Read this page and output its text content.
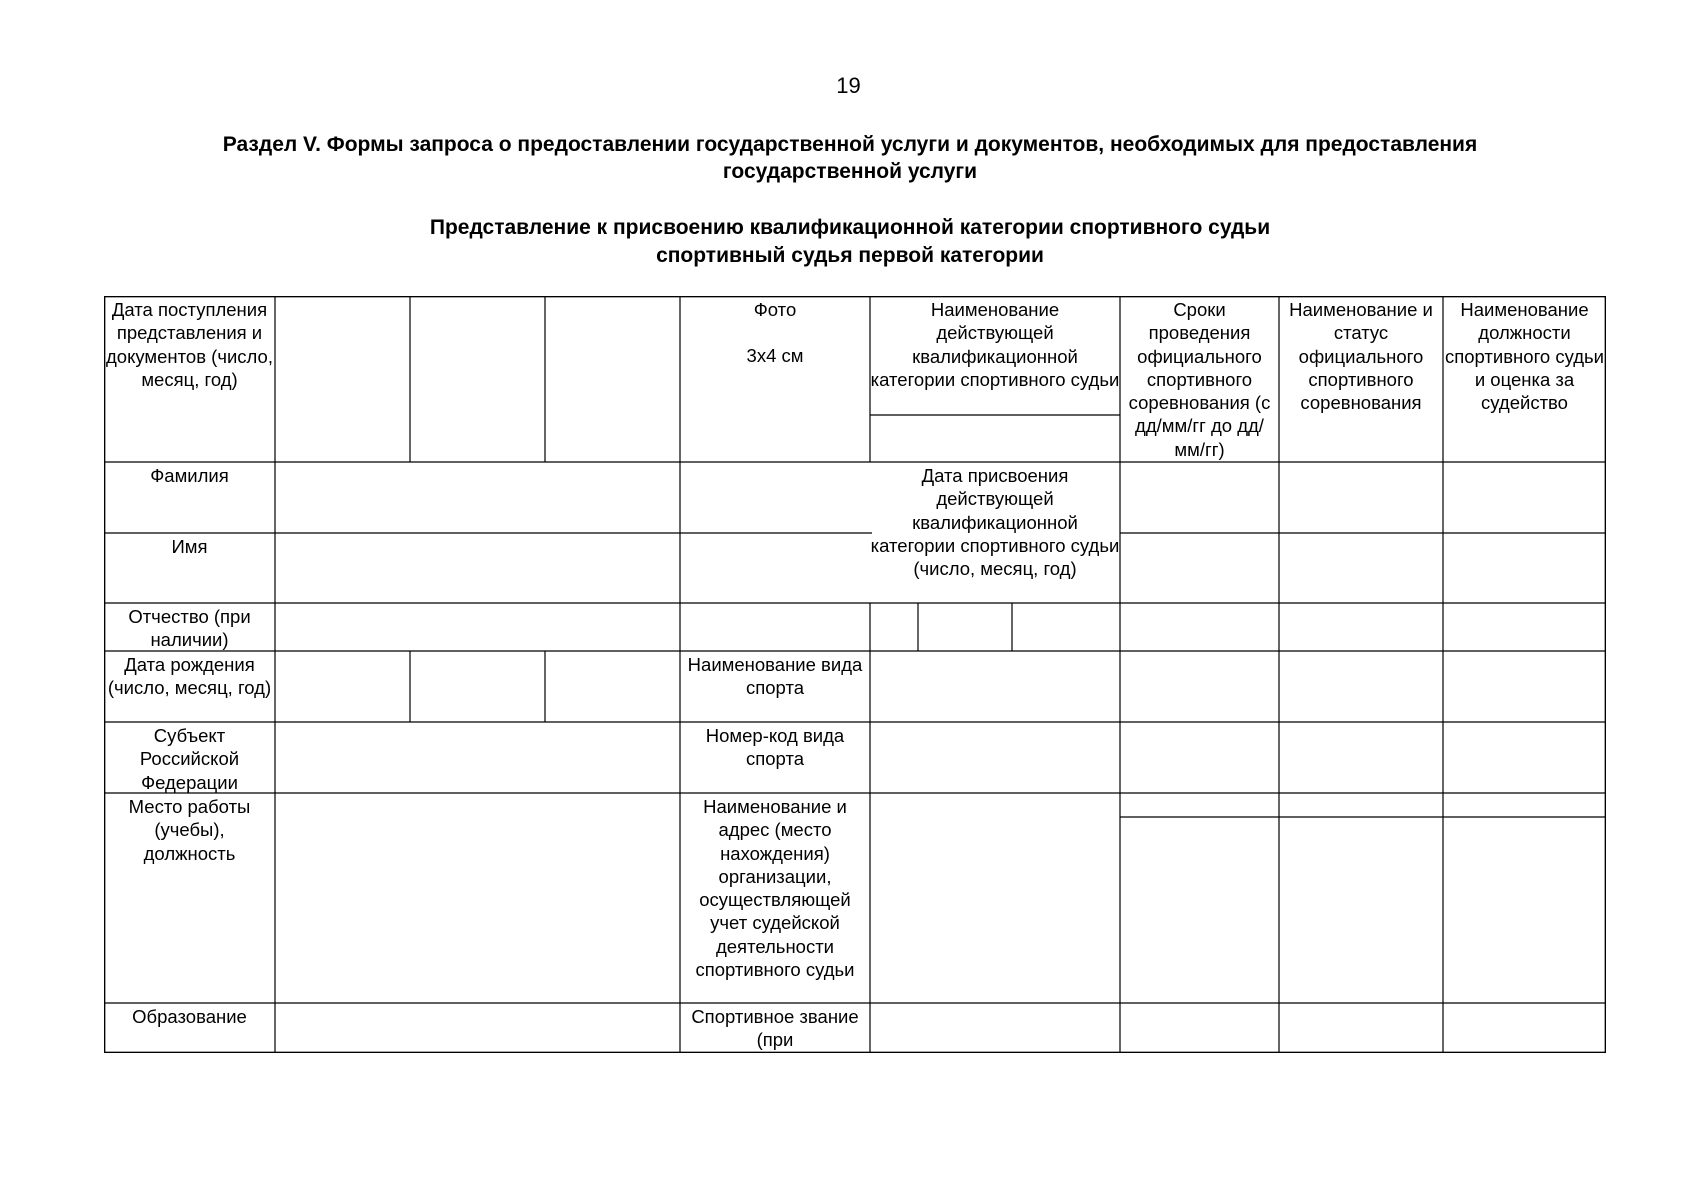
19
Раздел V. Формы запроса о предоставлении государственной услуги и документов, необходимых для предоставления
государственной услуги
Представление к присвоению квалификационной категории спортивного судьи
спортивный судья первой категории
Дата поступления представления и документов (число, месяц, год)
Фото
3x4 см
Наименование действующей квалификационной категории спортивного судьи
Сроки проведения официального спортивного соревнования (с дд/мм/гг до дд/мм/гг)
Наименование и статус официального спортивного соревнования
Наименование должности спортивного судьи и оценка за судейство
Фамилия
Имя
Дата присвоения действующей квалификационной категории спортивного судьи (число, месяц, год)
Отчество (при наличии)
Дата рождения (число, месяц, год)
Наименование вида спорта
Субъект Российской Федерации
Номер-код вида спорта
Место работы (учебы), должность
Наименование и адрес (место нахождения) организации, осуществляющей учет судейской деятельности спортивного судьи
Образование	Спортивное звание (при
